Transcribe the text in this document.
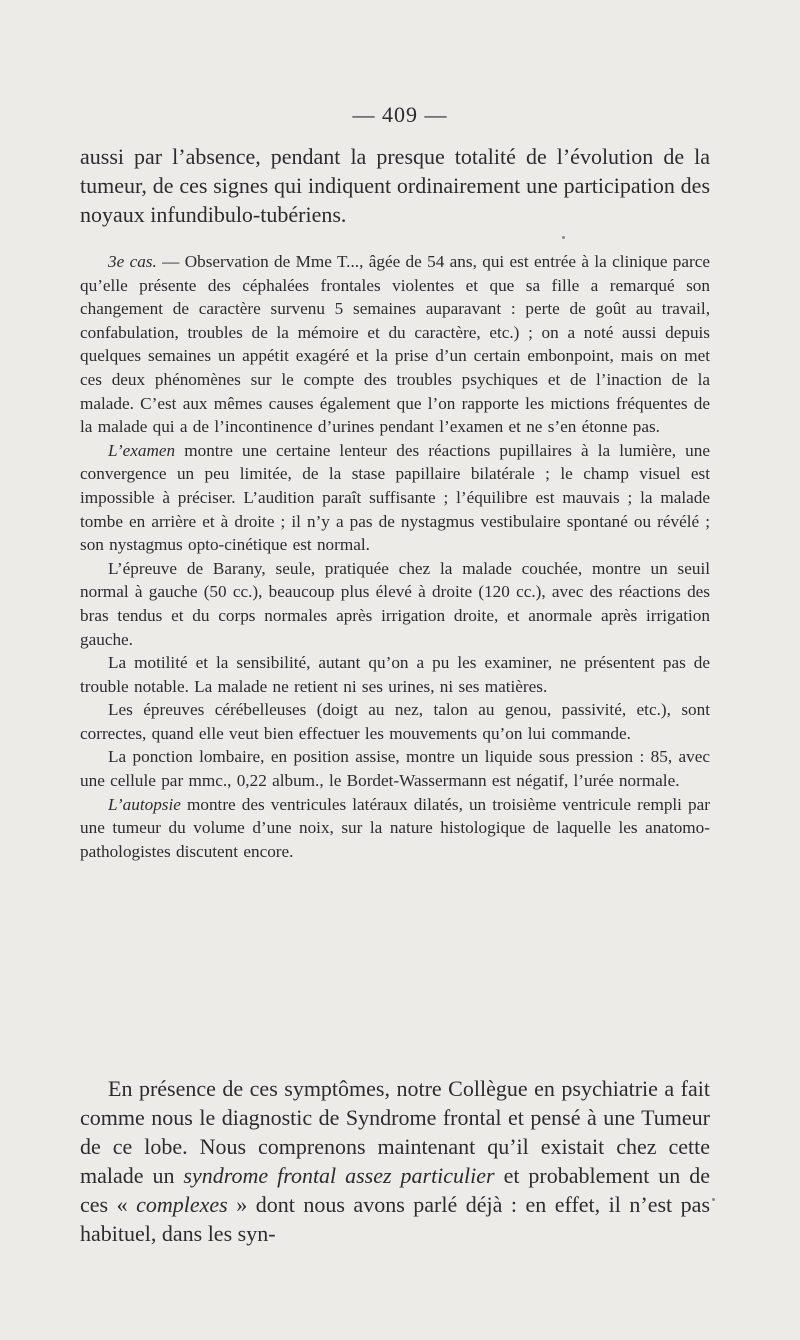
— 409 —

aussi par l’absence, pendant la presque totalité de l’évolution de la tumeur, de ces signes qui indiquent ordinairement une participation des noyaux infundibulo-tubériens.

3e cas. — Observation de Mme T..., âgée de 54 ans, qui est entrée à la clinique parce qu’elle présente des céphalées frontales violentes et que sa fille a remarqué son changement de caractère survenu 5 semaines auparavant : perte de goût au travail, confabulation, troubles de la mémoire et du caractère, etc.) ; on a noté aussi depuis quelques semaines un appétit exagéré et la prise d’un certain embonpoint, mais on met ces deux phénomènes sur le compte des troubles psychiques et de l’inaction de la malade. C’est aux mêmes causes également que l’on rapporte les mictions fréquentes de la malade qui a de l’incontinence d’urines pendant l’examen et ne s’en étonne pas.

L’examen montre une certaine lenteur des réactions pupillaires à la lumière, une convergence un peu limitée, de la stase papillaire bilatérale ; le champ visuel est impossible à préciser. L’audition paraît suffisante ; l’équilibre est mauvais ; la malade tombe en arrière et à droite ; il n’y a pas de nystagmus vestibulaire spontané ou révélé ; son nystagmus opto-cinétique est normal.

L’épreuve de Barany, seule, pratiquée chez la malade couchée, montre un seuil normal à gauche (50 cc.), beaucoup plus élevé à droite (120 cc.), avec des réactions des bras tendus et du corps normales après irrigation droite, et anormale après irrigation gauche.

La motilité et la sensibilité, autant qu’on a pu les examiner, ne présentent pas de trouble notable. La malade ne retient ni ses urines, ni ses matières.

Les épreuves cérébelleuses (doigt au nez, talon au genou, passivité, etc.), sont correctes, quand elle veut bien effectuer les mouvements qu’on lui commande.

La ponction lombaire, en position assise, montre un liquide sous pression : 85, avec une cellule par mmc., 0,22 album., le Bordet-Wassermann est négatif, l’urée normale.

L’autopsie montre des ventricules latéraux dilatés, un troisième ventricule rempli par une tumeur du volume d’une noix, sur la nature histologique de laquelle les anatomo-pathologistes discutent encore.

En présence de ces symptômes, notre Collègue en psychiatrie a fait comme nous le diagnostic de Syndrome frontal et pensé à une Tumeur de ce lobe. Nous comprenons maintenant qu’il existait chez cette malade un syndrome frontal assez particulier et probablement un de ces « complexes » dont nous avons parlé déjà : en effet, il n’est pas habituel, dans les syn-
